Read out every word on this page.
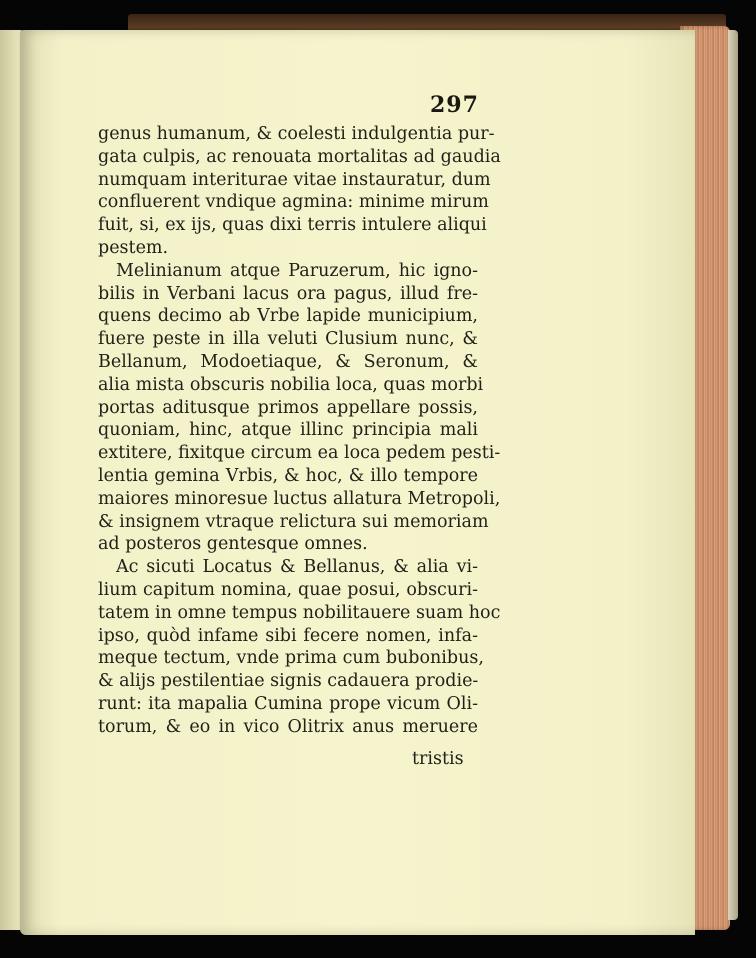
297
genus humanum, & coelesti indulgentia pur-
gata culpis, ac renouata mortalitas ad gaudia
numquam interiturae vitae instauratur, dum
confluerent vndique agmina: minime mirum
fuit, si, ex ijs, quas dixi terris intulere aliqui
pestem.
Melinianum atque Paruzerum, hic igno-
bilis in Verbani lacus ora pagus, illud fre-
quens decimo ab Vrbe lapide municipium,
fuere peste in illa veluti Clusium nunc, &
Bellanum, Modoetiaque, & Seronum, &
alia mista obscuris nobilia loca, quas morbi
portas aditusque primos appellare possis,
quoniam, hinc, atque illinc principia mali
extitere, fixitque circum ea loca pedem pesti-
lentia gemina Vrbis, & hoc, & illo tempore
maiores minoresue luctus allatura Metropoli,
& insignem vtraque relictura sui memoriam
ad posteros gentesque omnes.
Ac sicuti Locatus & Bellanus, & alia vi-
lium capitum nomina, quae posui, obscuri-
tatem in omne tempus nobilitauere suam hoc
ipso, quòd infame sibi fecere nomen, infa-
meque tectum, vnde prima cum bubonibus,
& alijs pestilentiae signis cadauera prodie-
runt: ita mapalia Cumina prope vicum Oli-
torum, & eo in vico Olitrix anus meruere
tristis
